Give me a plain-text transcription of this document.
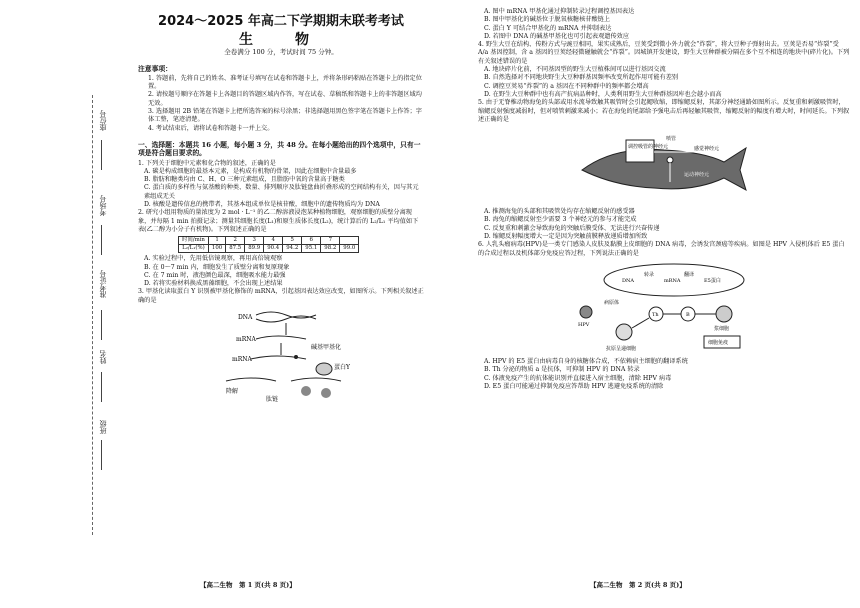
座位号
考场号
准考证号
姓名
班级
2024～2025 年高二下学期期末联考考试
生　物
全卷满分 100 分，考试时间 75 分钟。
注意事项：
1. 答题前，先将自己的姓名、准考证号填写在试卷和答题卡上，并将条形码粘贴在答题卡上的指定位置。
2. 请按题号顺序在答题卡上各题目的答题区域内作答，写在试卷、草稿纸和答题卡上的非答题区域均无效。
3. 选择题用 2B 铅笔在答题卡上把所选答案的标号涂黑；非选择题用黑色签字笔在答题卡上作答；字体工整，笔迹清楚。
4. 考试结束后，请将试卷和答题卡一并上交。
一、选择题：本题共 16 小题，每小题 3 分，共 48 分。在每小题给出的四个选项中，只有一项是符合题目要求的。
1. 下列关于细胞中元素和化合物的叙述，正确的是
A. 碳是构成细胞的最基本元素，是构成有机物的骨架，因此在细胞中含量最多
B. 脂肪和糖类均由 C、H、O 三种元素组成，且脂肪中氧的含量高于糖类
C. 蛋白质的多样性与氨基酸的种类、数量、排列顺序及肽链盘曲折叠形成的空间结构有关，因与其元素组成无关
D. 核酸是遗传信息的携带者，其基本组成单位是核苷酸，细胞中的遗传物质均为 DNA
2. 研究小组用物质的量浓度为 2 mol · L⁻¹ 的乙二醇溶液浸泡某种植物细胞，观察细胞的质壁分离现象，并每隔 1 min 拍摄记录；测量其细胞长度(L₁)和原生质体长度(L₂)，统计算后的 L₂/L₁ 平均值如下表(乙二醇为小分子有机物)。下列叙述正确的是
时间/min	1	2	3	4	5	6	7	
L₂/L₁(%)	100	87.5	89.9	90.4	94.2	95.1	98.2	99.0
A. 实验过程中，先用低倍镜观察，再用高倍镜观察
B. 在 0～7 min 内，细胞发生了质壁分离和复原现象
C. 在 7 min 时，液泡颜色最深，细胞吸水能力最强
D. 若将实验材料换成黑藻细胞，不会出现上述结果
3. 甲基化读取蛋白 Y 识别被甲基化修饰的 mRNA，引起基因表达效应改变，如图所示。下列相关叙述正确的是
DNA
mRNA
碱基甲基化
mRNA
蛋白Y
降解
肽链
【高二生物　第 1 页(共 8 页)】
A. 图中 mRNA 甲基化通过抑制转录过程调控基因表达
B. 图中甲基化的碱基位于脱氧核糖核苷酸链上
C. 蛋白 Y 可结合甲基化的 mRNA 并抑制表达
D. 若图中 DNA 的碱基甲基化也可引起表观遗传效应
4. 野生大豆在结构、传粉方式与豌豆相同，果实成熟后，豆荚受到微小外力就会“炸裂”，将大豆种子弹射出去。豆荚是否易“炸裂”受 A/a 基因控制，含 a 基因的豆荚经轻微碰触就会“炸裂”。因城镇开发建设，野生大豆种群被分隔在多个互不相连的地块中(碎片化)。下列有关叙述错误的是
A. 地块碎片化前，不同基因型的野生大豆植株间可以进行基因交流
B. 自然选择对不同地块野生大豆种群基因频率改变所起作用可能有差别
C. 调控豆荚易“炸裂”的 a 基因在不同种群中的频率都会增高
D. 在野生大豆种群中也有高产抗病品种时，人类利用野生大豆种群基因库也会越小而高
5. 由于无脊椎动物海兔的头部或用水流导致触其吸管时会引起鳃收缩，即缩鳃反射，其部分神经通路如图所示。反复重和刺激吸管时，缩鳃反射强度减弱时，但对喷管刺激来减小；若在海兔的尾部给予强电击后再轻触其吸管，缩鳃反射的幅度有增大时，时间延长。下列叙述正确的是
调控吸管的神经元
喷管
感觉神经元
运动神经元
A. 推测海兔的头部和其吸管处均存在缩鳃反射的感受器
B. 海兔的缩鳃反射至少需要 3 个神经元的参与才能完成
C. 反复重和刺激会导致海兔的突触后膜受体、无法进行兴奋传递
D. 缩鳃反射幅度增大一定是因为突触前膜释放递质增加所致
6. 人乳头瘤病毒(HPV)是一类专门感染人皮肤及黏膜上皮细胞的 DNA 病毒，会诱发宫颈癌等疾病。如图是 HPV 入侵机体后 E5 蛋白的合成过程以及机体部分免疫应答过程，下列说法正确的是
DNA
转录
mRNA
翻译
E5蛋白
HPV
病原体
抗原呈递细胞
Th	B
浆细胞
细胞免疫
A. HPV 的 E5 蛋白由病毒自身的核糖体合成，不依赖宿主细胞的翻译系统
B. Th 分泌的物质 a 是抗体，可抑制 HPV 的 DNA 转录
C. 体液免疫产生的抗体能识别并直接进入宿主细胞，清除 HPV 病毒
D. E5 蛋白可能通过抑制免疫应答帮助 HPV 逃避免疫系统的清除
【高二生物　第 2 页(共 8 页)】
